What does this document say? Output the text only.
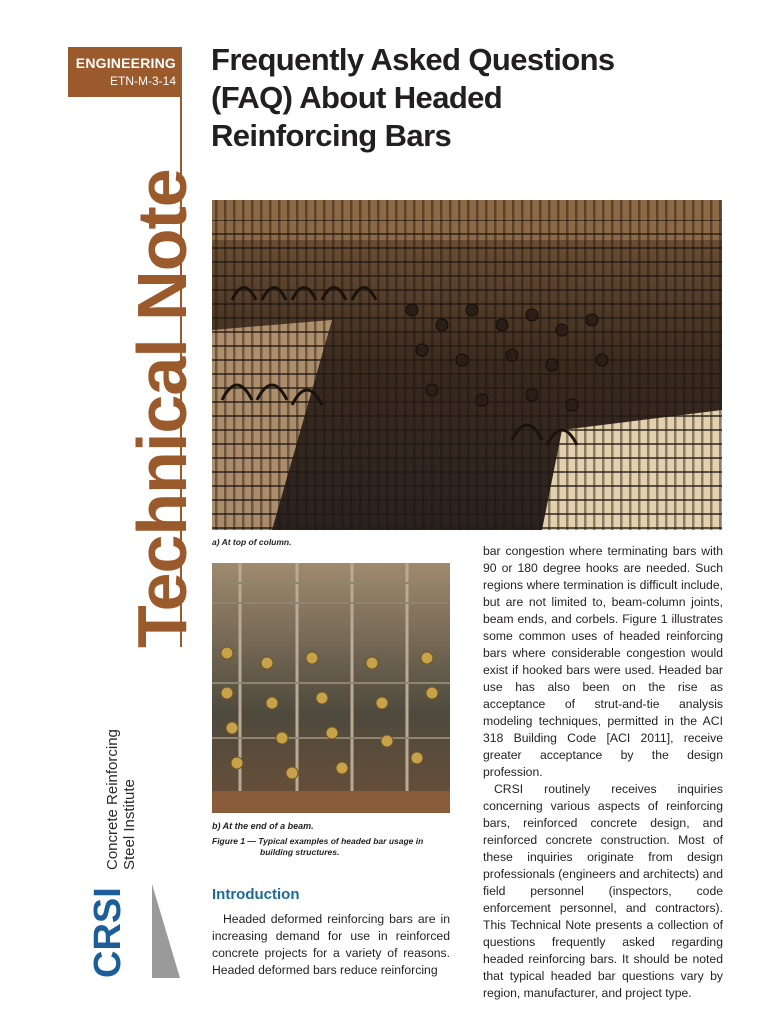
ENGINEERING
ETN-M-3-14
Technical Note
Concrete Reinforcing Steel Institute
CRSI
Frequently Asked Questions
(FAQ) About Headed
Reinforcing Bars
a) At top of column.
b) At the end of a beam.
Figure 1 — Typical examples of headed bar usage in
building structures.
Introduction

Headed deformed reinforcing bars are in increasing demand for use in reinforced concrete projects for a variety of reasons. Headed deformed bars reduce reinforcing

bar congestion where terminating bars with 90 or 180 degree hooks are needed. Such regions where termination is difficult include, but are not limited to, beam-column joints, beam ends, and corbels. Figure 1 illustrates some common uses of headed reinforcing bars where considerable congestion would exist if hooked bars were used. Headed bar use has also been on the rise as acceptance of strut-and-tie analysis modeling techniques, permitted in the ACI 318 Building Code [ACI 2011], receive greater acceptance by the design profession.

CRSI routinely receives inquiries concerning various aspects of reinforcing bars, reinforced concrete design, and reinforced concrete construction. Most of these inquiries originate from design professionals (engineers and architects) and field personnel (inspectors, code enforcement personnel, and contractors). This Technical Note presents a collection of questions frequently asked regarding headed reinforcing bars. It should be noted that typical headed bar questions vary by region, manufacturer, and project type.
